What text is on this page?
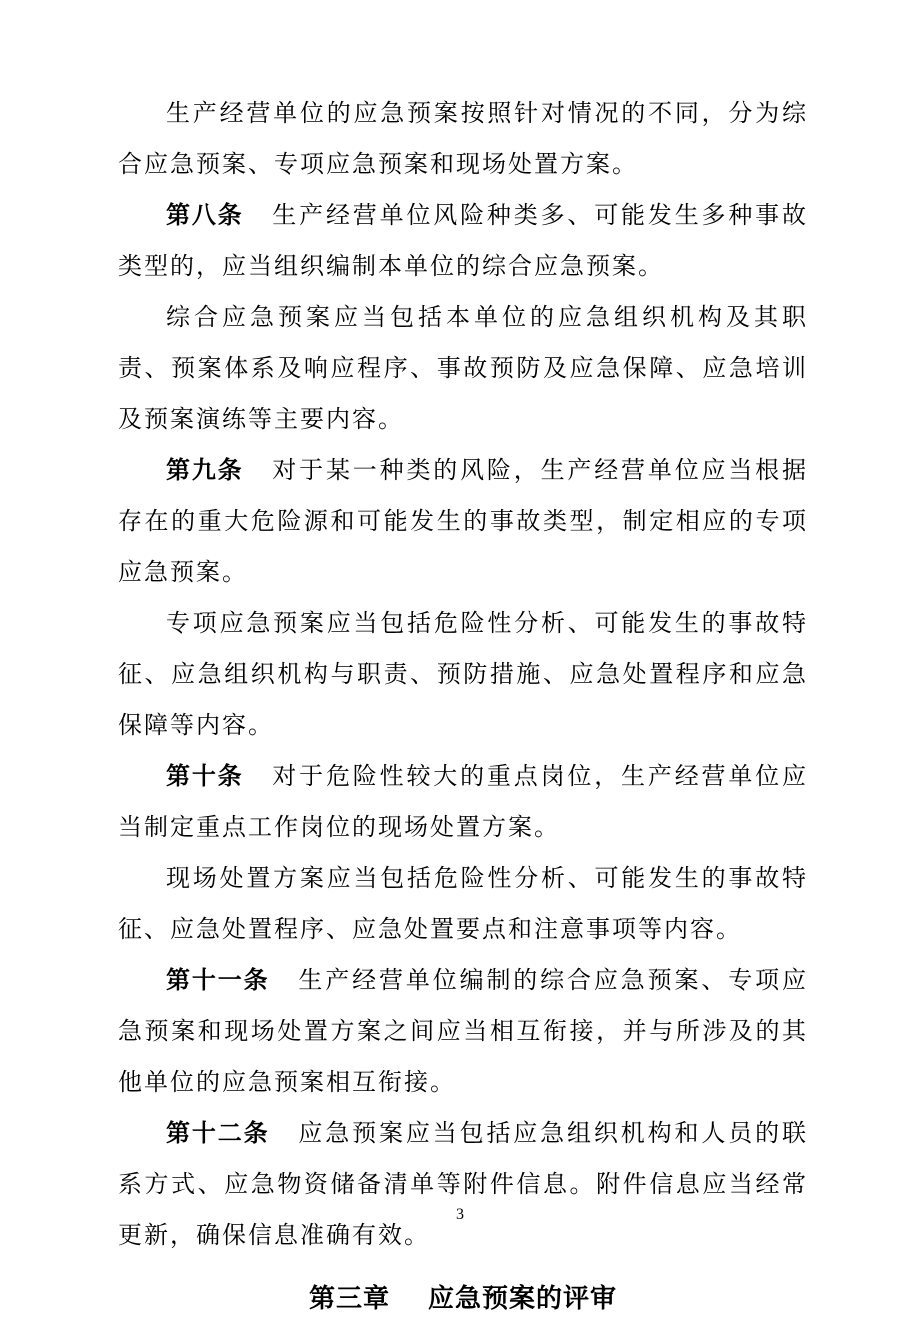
生产经营单位的应急预案按照针对情况的不同，分为综合应急预案、专项应急预案和现场处置方案。

第八条 生产经营单位风险种类多、可能发生多种事故类型的，应当组织编制本单位的综合应急预案。

综合应急预案应当包括本单位的应急组织机构及其职责、预案体系及响应程序、事故预防及应急保障、应急培训及预案演练等主要内容。

第九条 对于某一种类的风险，生产经营单位应当根据存在的重大危险源和可能发生的事故类型，制定相应的专项应急预案。

专项应急预案应当包括危险性分析、可能发生的事故特征、应急组织机构与职责、预防措施、应急处置程序和应急保障等内容。

第十条 对于危险性较大的重点岗位，生产经营单位应当制定重点工作岗位的现场处置方案。

现场处置方案应当包括危险性分析、可能发生的事故特征、应急处置程序、应急处置要点和注意事项等内容。

第十一条 生产经营单位编制的综合应急预案、专项应急预案和现场处置方案之间应当相互衔接，并与所涉及的其他单位的应急预案相互衔接。

第十二条 应急预案应当包括应急组织机构和人员的联系方式、应急物资储备清单等附件信息。附件信息应当经常更新，确保信息准确有效。

第三章 应急预案的评审
3
